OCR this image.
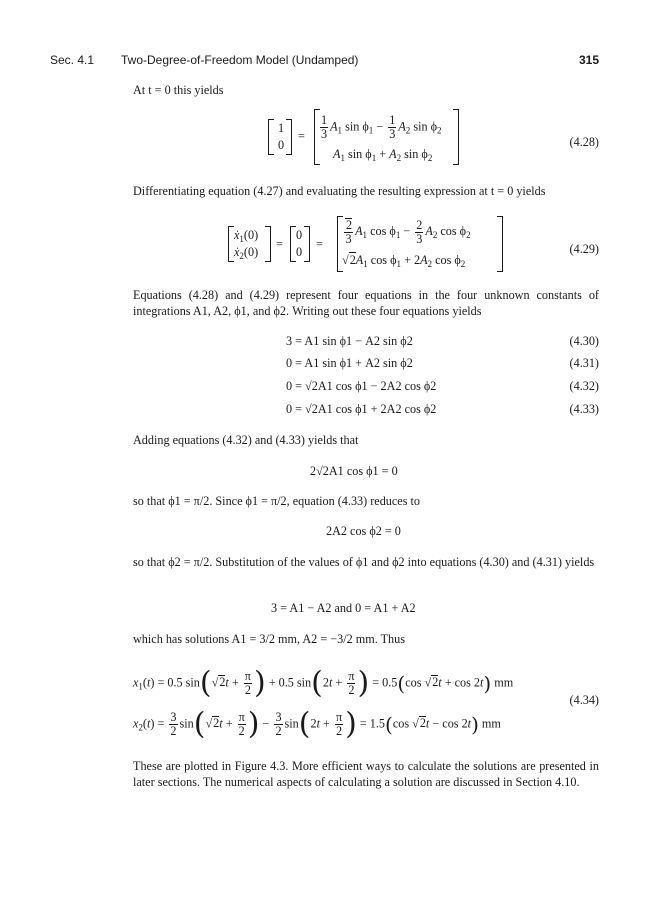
Sec. 4.1 Two-Degree-of-Freedom Model (Undamped)	315
At t = 0 this yields
1
0
= $\frac{1}{3} A_1$ $\sin \phi_1 - \frac{1}{3} A_2$ $\sin \phi_2$
$A_1$ $\sin \phi_1 + A_2$ $\sin \phi_2$
(4.28)
Differentiating equation (4.27) and evaluating the resulting expression at t = 0 yields
ẋ$_1$(0)
ẋ$_2$(0)
=
0
0
= $\frac{2}{3} A_1$ $\cos \phi_1 - \frac{2}{3} A_2$ $\cos \phi_2$
$√2A_1$ $\cos \phi_1 + 2A_2$ $\cos \phi_2$
(4.29)
Equations (4.28) and (4.29) represent four equations in the four unknown constants of integrations A1, A2, ϕ1, and ϕ2. Writing out these four equations yields
3 = A1 sin ϕ1 − A2 sin ϕ2	(4.30)
0 = A1 sin ϕ1 + A2 sin ϕ2	(4.31)
0 = √2A1 cos ϕ1 − 2A2 cos ϕ2	(4.32)
0 = √2A1 cos ϕ1 + 2A2 cos ϕ2	(4.33)
Adding equations (4.32) and (4.33) yields that
2√2A1 cos ϕ1 = 0
so that ϕ1 = π/2. Since ϕ1 = π/2, equation (4.33) reduces to
2A2 cos ϕ2 = 0
so that ϕ2 = π/2. Substitution of the values of ϕ1 and ϕ2 into equations (4.30) and (4.31) yields
3 = A1 − A2 and 0 = A1 + A2
which has solutions A1 = 3/2 mm, A2 = −3/2 mm. Thus
$x_1(t) = 0.5$ $\sin(√2t + \frac{\pi}{2}$ ) + 0.5 $\sin(2t + \frac{\pi}{2}$ ) = 0.5(cos √2t + cos 2t) mm
$x_2(t) = \frac{3}{2} \sin(√2t + \frac{\pi}{2}$ ) − $\frac{3}{2} \sin(2t + \frac{\pi}{2}$ ) = 1.5(cos √2t − cos 2t) mm
(4.34)
These are plotted in Figure 4.3. More efficient ways to calculate the solutions are presented in later sections. The numerical aspects of calculating a solution are discussed in Section 4.10.
